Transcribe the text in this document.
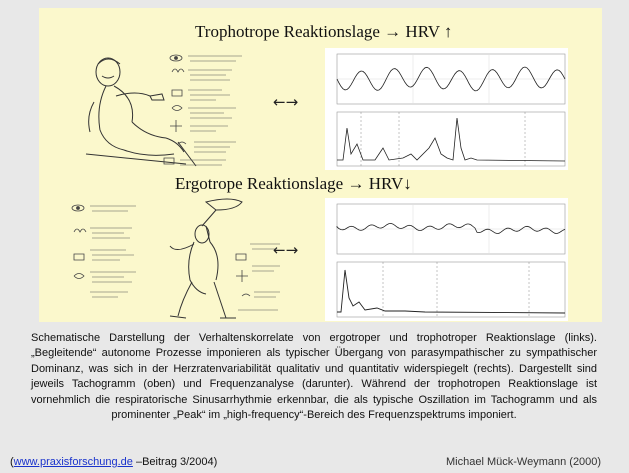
Trophotrope Reaktionslage → HRV ↑
Ergotrope Reaktionslage → HRV↓
←→
←→
Schematische Darstellung der Verhaltenskorrelate von ergotroper und trophotroper Reaktionslage (links). „Begleitende“ autonome Prozesse imponieren als typischer Übergang von parasympathischer zu sympathischer Dominanz, was sich in der Herzratenvariabilität qualitativ und quantitativ widerspiegelt (rechts). Dargestellt sind jeweils Tachogramm (oben) und Frequenzanalyse (darunter). Während der trophotropen Reaktionslage ist vornehmlich die respiratorische Sinusarrhythmie erkennbar, die als typische Oszillation im Tachogramm und als prominenter „Peak“ im „high-frequency“-Bereich des Frequenzspektrums imponiert.
(www.praxisforschung.de –Beitrag 3/2004)	Michael Mück-Weymann (2000)
